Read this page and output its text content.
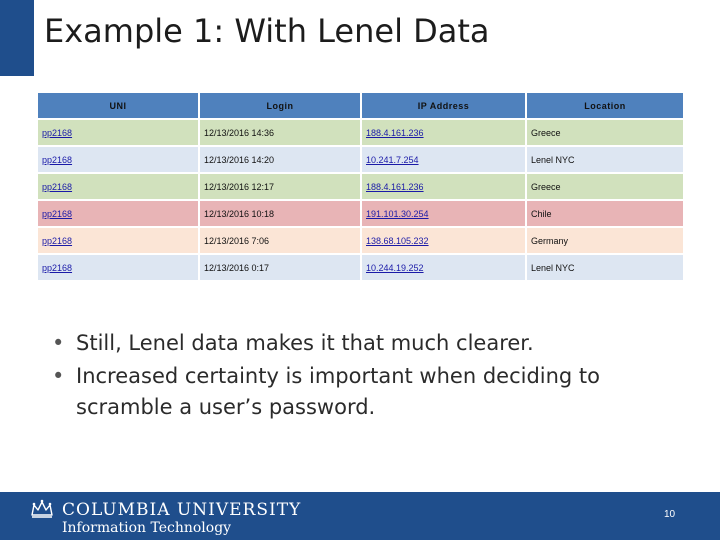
Example 1: With Lenel Data
UNI	Login	IP Address	Location
pp2168	12/13/2016 14:36	188.4.161.236	Greece
pp2168	12/13/2016 14:20	10.241.7.254	Lenel NYC
pp2168	12/13/2016 12:17	188.4.161.236	Greece
pp2168	12/13/2016 10:18	191.101.30.254	Chile
pp2168	12/13/2016 7:06	138.68.105.232	Germany
pp2168	12/13/2016 0:17	10.244.19.252	Lenel NYC
• Still, Lenel data makes it that much clearer.
• Increased certainty is important when deciding to scramble a user’s password.
COLUMBIA UNIVERSITY
Information Technology
10
